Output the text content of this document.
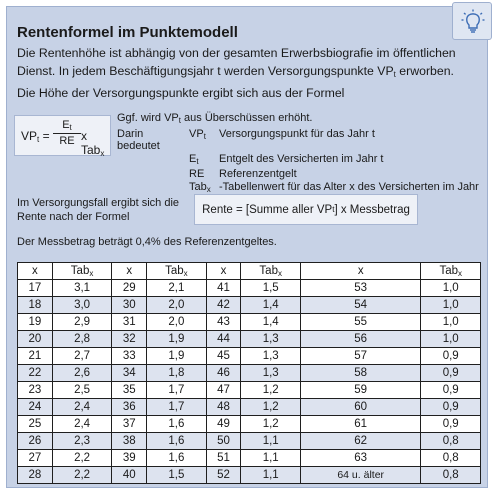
Rentenformel im Punktemodell
Die Rentenhöhe ist abhängig von der gesamten Erwerbsbiografie im öffentlichen Dienst. In jedem Beschäftigungsjahr t werden Versorgungspunkte $VP_t$ erworben. Die Höhe der Versorgungspunkte ergibt sich aus der Formel
$VP_t = \frac{E_t}{RE}$ x Tab$_x$
Ggf. wird $VP_t$ aus Überschüssen erhöht.
Darin bedeutet
$VP_t$	Versorgungspunkt für das Jahr t
$E_t$	Entgelt des Versicherten im Jahr t
RE	Referenzentgelt
Tab$_x$ -Tabellenwert für das Alter x des Versicherten im Jahr
Im Versorgungsfall ergibt sich die Rente nach der Formel
Rente = [Summe aller VP t ] x Messbetrag
Der Messbetrag beträgt 0,4% des Referenzentgeltes.
x	Tab$_x$	x	Tab$_x$	x	Tab$_x$	x	Tab$_x$
17	3,1	29	2,1	41	1,5	53	1,0
18	3,0	30	2,0	42	1,4	54	1,0
19	2,9	31	2,0	43	1,4	55	1,0
20	2,8	32	1,9	44	1,3	56	1,0
21	2,7	33	1,9	45	1,3	57	0,9
22	2,6	34	1,8	46	1,3	58	0,9
23	2,5	35	1,7	47	1,2	59	0,9
24	2,4	36	1,7	48	1,2	60	0,9
25	2,4	37	1,6	49	1,2	61	0,9
26	2,3	38	1,6	50	1,1	62	0,8
27	2,2	39	1,6	51	1,1	63	0,8
28	2,2	40	1,5	52	1,1	64 u. älter	0,8
